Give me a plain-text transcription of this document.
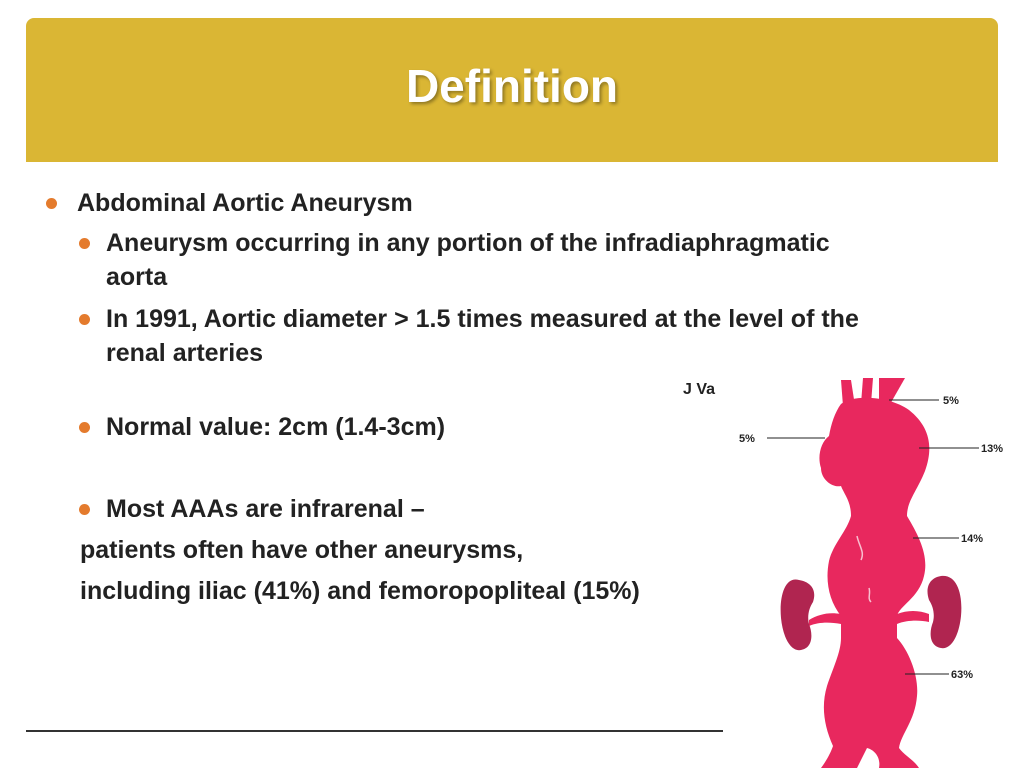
Definition
Abdominal Aortic Aneurysm
Aneurysm occurring in any portion of the infradiaphragmatic
aorta
In 1991, Aortic diameter > 1.5 times measured at the level of the
renal arteries
J Va
Normal value: 2cm (1.4-3cm)
Most AAAs are infrarenal –
patients often have other aneurysms,
including iliac (41%) and femoropopliteal (15%)
5%
5%
13%
14%
63%
